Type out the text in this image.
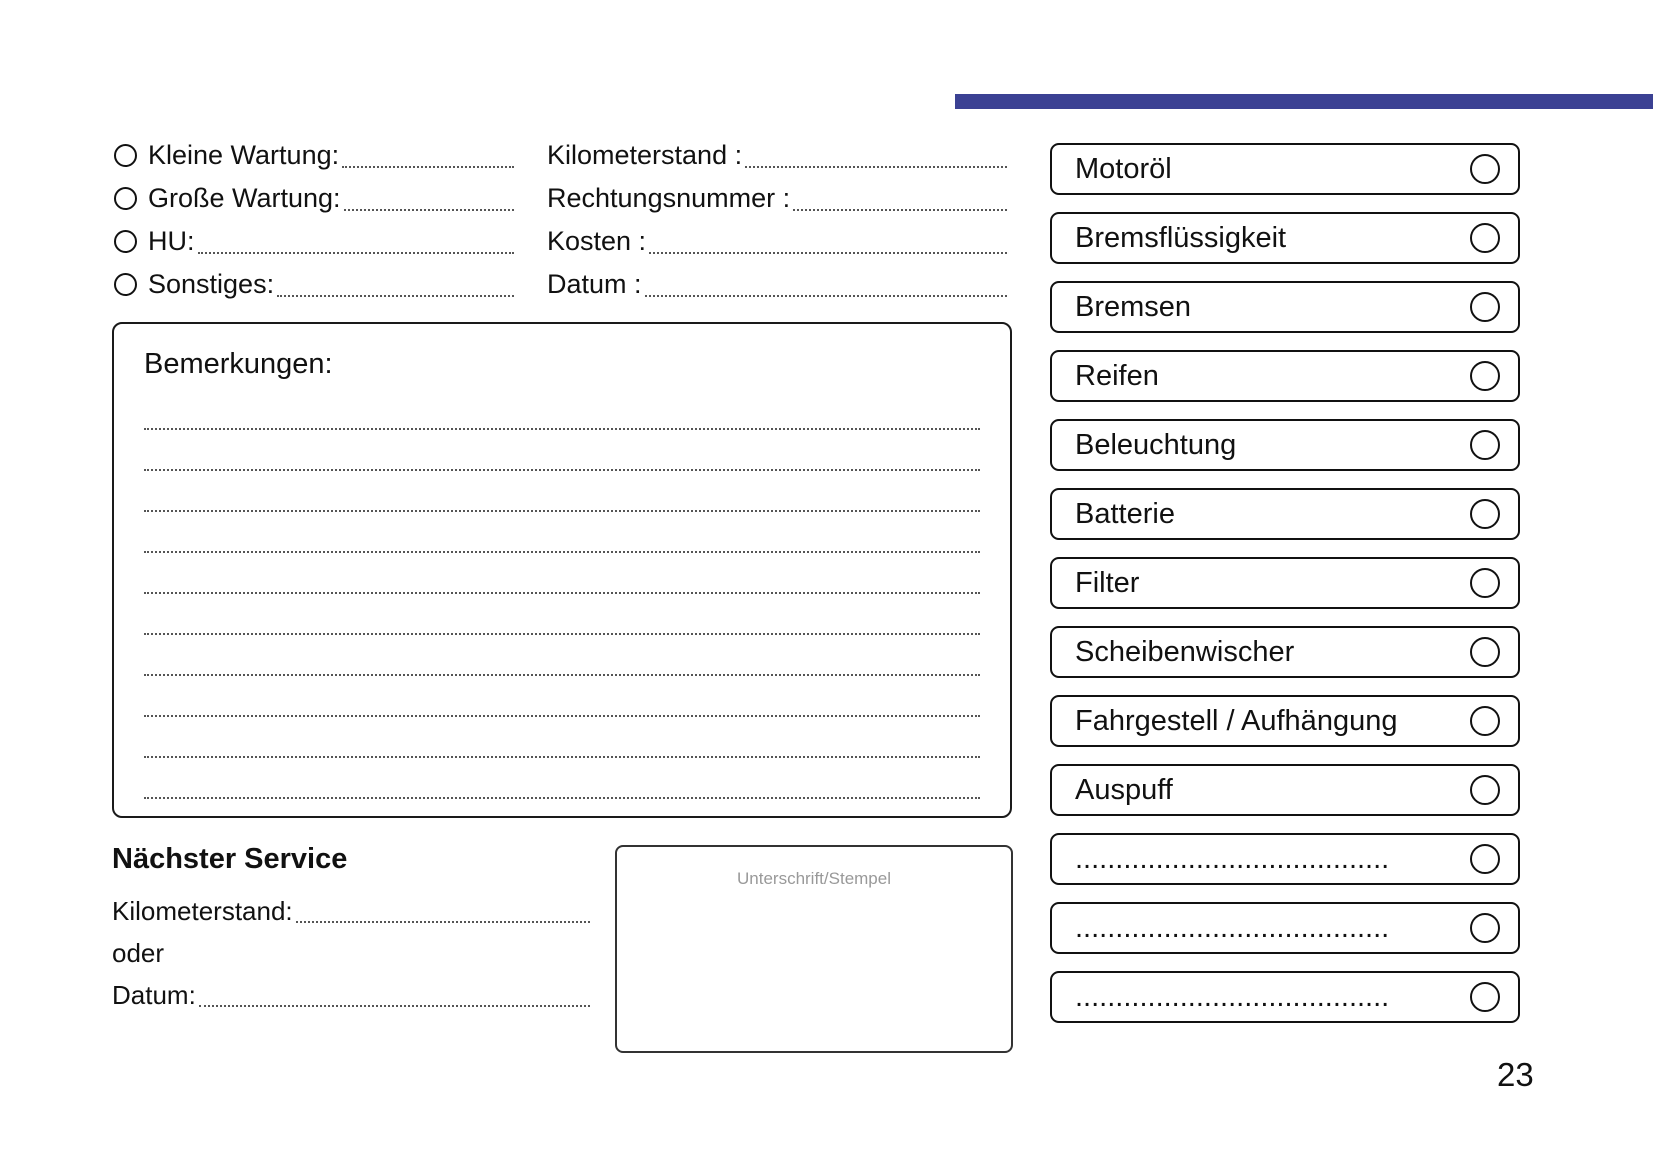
Kleine Wartung:
Große Wartung:
HU:
Sonstiges:
Kilometerstand :
Rechtungsnummer :
Kosten :
Datum :
Bemerkungen:
Nächster Service
Kilometerstand:
oder
Datum:
Unterschrift/Stempel
Motoröl
Bremsflüssigkeit
Bremsen
Reifen
Beleuchtung
Batterie
Filter
Scheibenwischer
Fahrgestell / Aufhängung
Auspuff
.......................................
.......................................
.......................................
23
